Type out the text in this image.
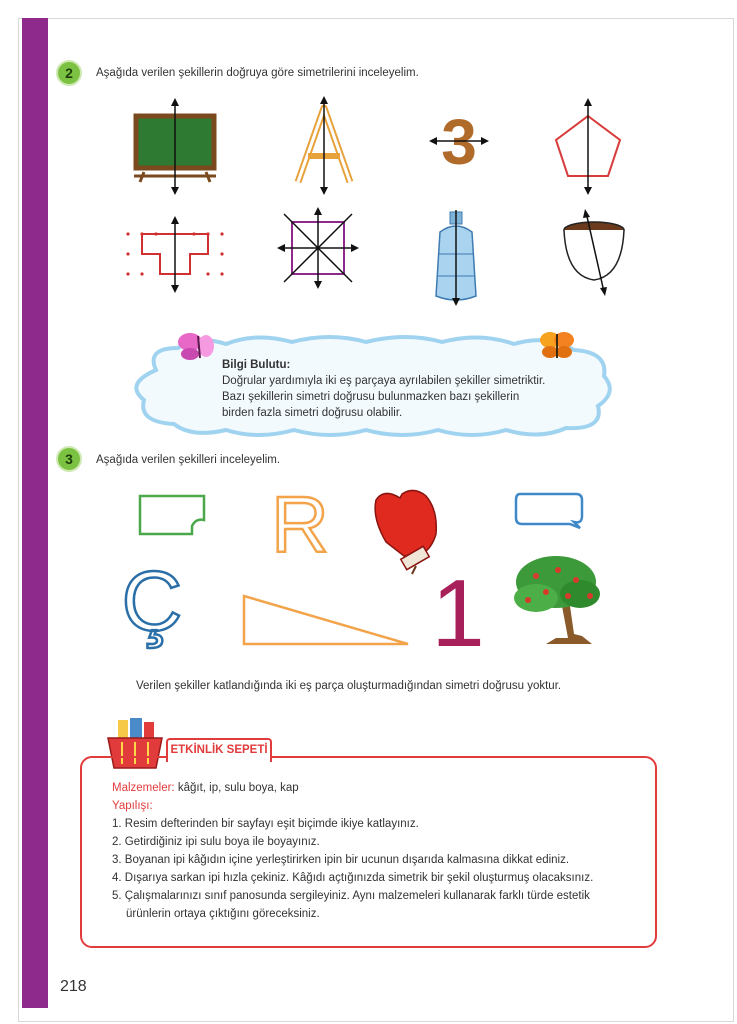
2	Aşağıda verilen şekillerin doğruya göre simetrilerini inceleyelim.
3
Bilgi Bulutu:
Doğrular yardımıyla iki eş parçaya ayrılabilen şekiller simetriktir.
Bazı şekillerin simetri doğrusu bulunmazken bazı şekillerin
birden fazla simetri doğrusu olabilir.
3	Aşağıda verilen şekilleri inceleyelim.
R
Ç	1
Verilen şekiller katlandığında iki eş parça oluşturmadığından simetri doğrusu yoktur.
ETKİNLİK SEPETİ
Malzemeler: kâğıt, ip, sulu boya, kap
Yapılışı:
1. Resim defterinden bir sayfayı eşit biçimde ikiye katlayınız.
2. Getirdiğiniz ipi sulu boya ile boyayınız.
3. Boyanan ipi kâğıdın içine yerleştirirken ipin bir ucunun dışarıda kalmasına dikkat ediniz.
4. Dışarıya sarkan ipi hızla çekiniz. Kâğıdı açtığınızda simetrik bir şekil oluşturmuş olacaksınız.
5. Çalışmalarınızı sınıf panosunda sergileyiniz. Aynı malzemeleri kullanarak farklı türde estetik
ürünlerin ortaya çıktığını göreceksiniz.
218
